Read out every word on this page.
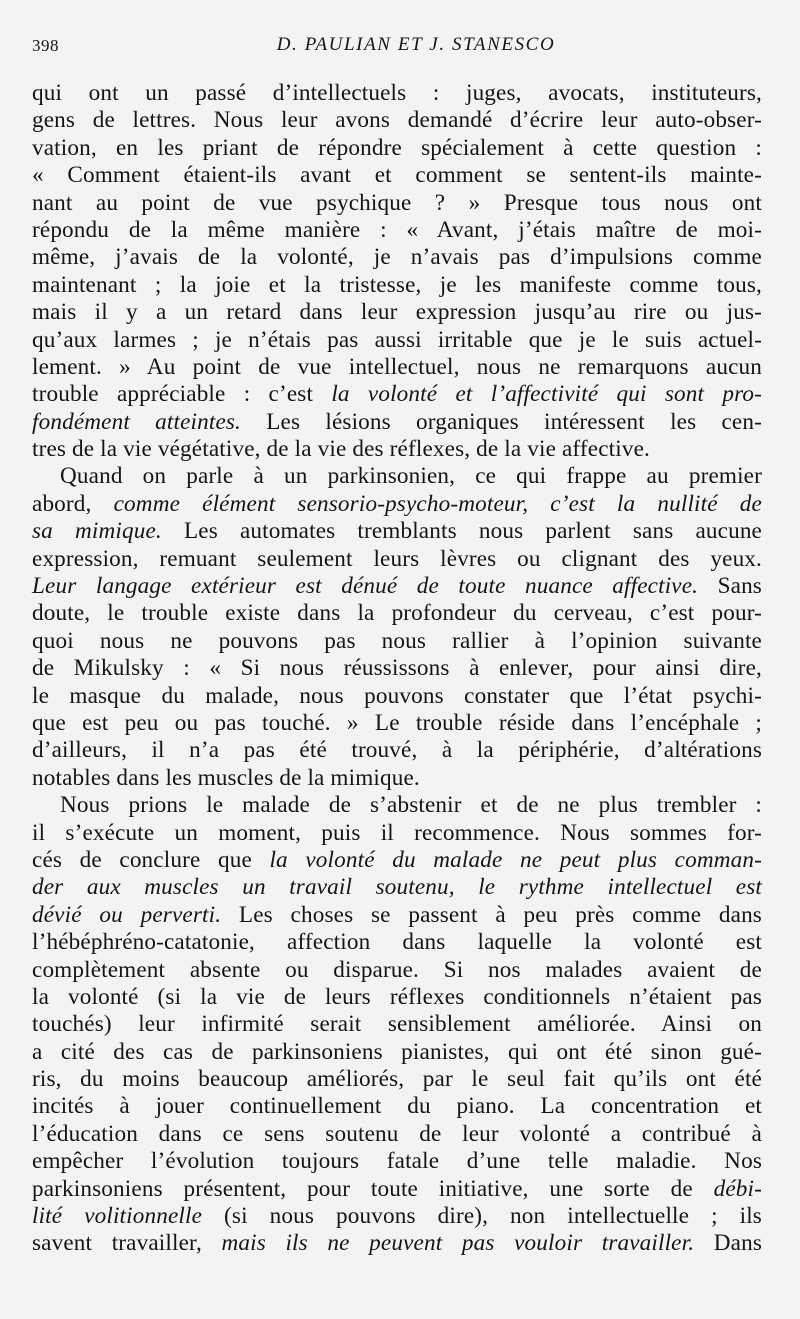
398	D. PAULIAN ET J. STANESCO
qui ont un passé d’intellectuels : juges, avocats, instituteurs,
gens de lettres. Nous leur avons demandé d’écrire leur auto-obser-
vation, en les priant de répondre spécialement à cette question :
« Comment étaient-ils avant et comment se sentent-ils mainte-
nant au point de vue psychique ? » Presque tous nous ont
répondu de la même manière : « Avant, j’étais maître de moi-
même, j’avais de la volonté, je n’avais pas d’impulsions comme
maintenant ; la joie et la tristesse, je les manifeste comme tous,
mais il y a un retard dans leur expression jusqu’au rire ou jus-
qu’aux larmes ; je n’étais pas aussi irritable que je le suis actuel-
lement. » Au point de vue intellectuel, nous ne remarquons aucun
trouble appréciable : c’est la volonté et l’affectivité qui sont pro-
fondément atteintes. Les lésions organiques intéressent les cen-
tres de la vie végétative, de la vie des réflexes, de la vie affective.
Quand on parle à un parkinsonien, ce qui frappe au premier
abord, comme élément sensorio-psycho-moteur, c’est la nullité de
sa mimique. Les automates tremblants nous parlent sans aucune
expression, remuant seulement leurs lèvres ou clignant des yeux.
Leur langage extérieur est dénué de toute nuance affective. Sans
doute, le trouble existe dans la profondeur du cerveau, c’est pour-
quoi nous ne pouvons pas nous rallier à l’opinion suivante
de Mikulsky : « Si nous réussissons à enlever, pour ainsi dire,
le masque du malade, nous pouvons constater que l’état psychi-
que est peu ou pas touché. » Le trouble réside dans l’encéphale ;
d’ailleurs, il n’a pas été trouvé, à la périphérie, d’altérations
notables dans les muscles de la mimique.
Nous prions le malade de s’abstenir et de ne plus trembler :
il s’exécute un moment, puis il recommence. Nous sommes for-
cés de conclure que la volonté du malade ne peut plus comman-
der aux muscles un travail soutenu, le rythme intellectuel est
dévié ou perverti. Les choses se passent à peu près comme dans
l’hébéphréno-catatonie, affection dans laquelle la volonté est
complètement absente ou disparue. Si nos malades avaient de
la volonté (si la vie de leurs réflexes conditionnels n’étaient pas
touchés) leur infirmité serait sensiblement améliorée. Ainsi on
a cité des cas de parkinsoniens pianistes, qui ont été sinon gué-
ris, du moins beaucoup améliorés, par le seul fait qu’ils ont été
incités à jouer continuellement du piano. La concentration et
l’éducation dans ce sens soutenu de leur volonté a contribué à
empêcher l’évolution toujours fatale d’une telle maladie. Nos
parkinsoniens présentent, pour toute initiative, une sorte de débi-
lité volitionnelle (si nous pouvons dire), non intellectuelle ; ils
savent travailler, mais ils ne peuvent pas vouloir travailler. Dans
